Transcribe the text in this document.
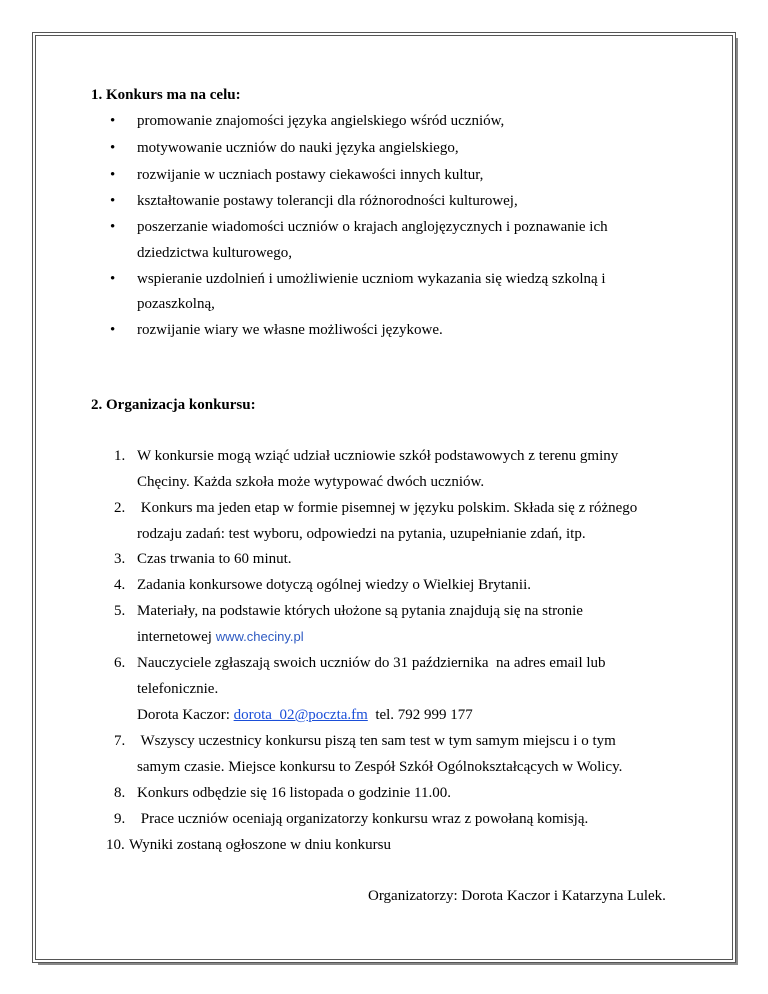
1. Konkurs ma na celu:
• promowanie znajomości języka angielskiego wśród uczniów,
• motywowanie uczniów do nauki języka angielskiego,
• rozwijanie w uczniach postawy ciekawości innych kultur,
• kształtowanie postawy tolerancji dla różnorodności kulturowej,
• poszerzanie wiadomości uczniów o krajach anglojęzycznych i poznawanie ich
dziedzictwa kulturowego,
• wspieranie uzdolnień i umożliwienie uczniom wykazania się wiedzą szkolną i
pozaszkolną,
• rozwijanie wiary we własne możliwości językowe.
2. Organizacja konkursu:
1. W konkursie mogą wziąć udział uczniowie szkół podstawowych z terenu gminy
Chęciny. Każda szkoła może wytypować dwóch uczniów.
2. Konkurs ma jeden etap w formie pisemnej w języku polskim. Składa się z różnego
rodzaju zadań: test wyboru, odpowiedzi na pytania, uzupełnianie zdań, itp.
3. Czas trwania to 60 minut.
4. Zadania konkursowe dotyczą ogólnej wiedzy o Wielkiej Brytanii.
5. Materiały, na podstawie których ułożone są pytania znajdują się na stronie
internetowej www.checiny.pl
6. Nauczyciele zgłaszają swoich uczniów do 31 października  na adres email lub
telefonicznie.
Dorota Kaczor: dorota_02@poczta.fm  tel. 792 999 177
7. Wszyscy uczestnicy konkursu piszą ten sam test w tym samym miejscu i o tym
samym czasie. Miejsce konkursu to Zespół Szkół Ogólnokształcących w Wolicy.
8. Konkurs odbędzie się 16 listopada o godzinie 11.00.
9. Prace uczniów oceniają organizatorzy konkursu wraz z powołaną komisją.
10. Wyniki zostaną ogłoszone w dniu konkursu
Organizatorzy: Dorota Kaczor i Katarzyna Lulek.
